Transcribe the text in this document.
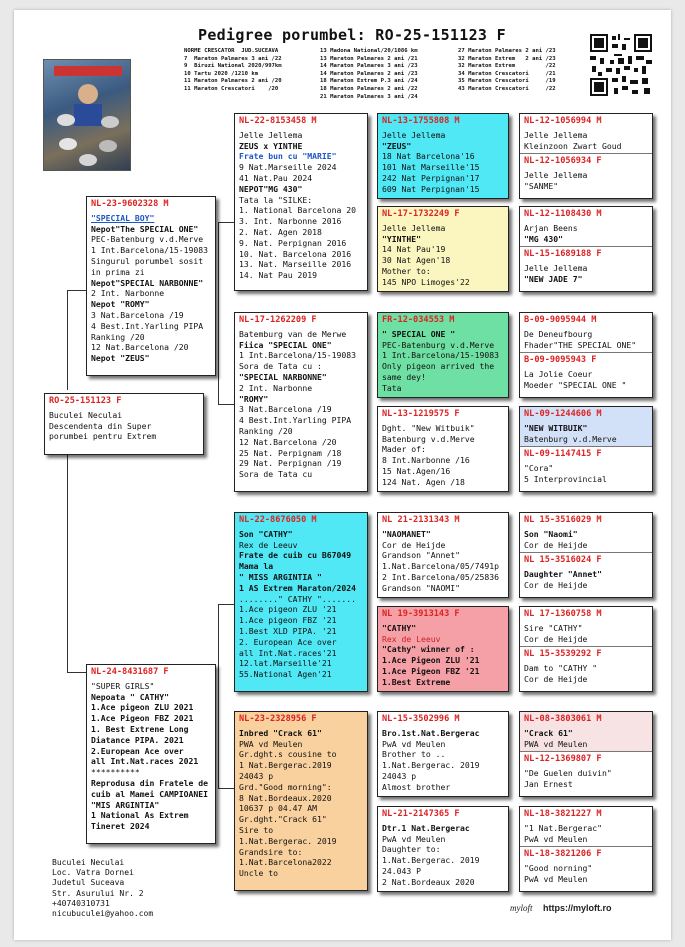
Pedigree porumbel: RO-25-151123 F
NORME CRESCATOR  JUD.SUCEAVA
7  Maraton Palmares 3 ani /22
9  Biruzi National 2020/997km
10 Tartu 2020 /1210 km
11 Maraton Palmares 2 ani /20
11 Maraton Crescatori    /20
13 Madona National/20/1086 km
13 Maraton Palmares 2 ani /21
14 Maraton Palmares 3 ani /23
14 Maraton Palmares 2 ani /23
18 Maraton Extrem P.3 ani /24
18 Maraton Palmares 2 ani /22
21 Maraton Palmares 3 ani /24
27 Maraton Palmares 2 ani /23
32 Maraton Extrem   2 ani /23
32 Maraton Extrem         /22
34 Maraton Crescatori     /21
35 Maraton Crescatori     /19
43 Maraton Crescatori     /22
RO-25-151123 F
Buculei Neculai
Descendenta din Super
porumbei pentru Extrem
NL-23-9602328 M
"SPECIAL BOY"
Nepot"The SPECIAL ONE"
PEC-Batenburg v.d.Merve
1 Int.Barcelona/15-19083
Singurul porumbel sosit
in prima zi
Nepot"SPECIAL NARBONNE"
2 Int. Narbonne
Nepot "ROMY"
3 Nat.Barcelona /19
4 Best.Int.Yarling PIPA
Ranking /20
12 Nat.Barcelona /20
Nepot "ZEUS"
NL-24-8431687 F
"SUPER GIRLS"
Nepoata " CATHY"
1.Ace pigeon ZLU 2021
1.Ace Pigeon FBZ 2021
1. Best Extrene Long
Diatance PIPA. 2021
2.European Ace over
all Int.Nat.races 2021
**********
Reprodusa din Fratele de
cuib al Mamei CAMPIOANEI
"MIS ARGINTIA"
1 National As Extrem
Tineret 2024
NL-22-8153458 M
Jelle Jellema
ZEUS x YINTHE
Frate bun cu "MARIE"
9 Nat.Marseille 2024
41 Nat.Pau 2024
NEPOT"MG 430"
Tata la "SILKE:
1. National Barcelona 20
3. Int. Narbonne 2016
2. Nat. Agen 2018
9. Nat. Perpignan 2016
10. Nat. Barcelona 2016
13. Nat. Marseille 2016
14. Nat Pau 2019
NL-17-1262209 F
Batemburg van de Merwe
Fiica "SPECIAL ONE"
1 Int.Barcelona/15-19083
Sora de Tata cu :
"SPECIAL NARBONNE"
2 Int. Narbonne
"ROMY"
3 Nat.Barcelona /19
4 Best.Int.Yarling PIPA
Ranking /20
12 Nat.Barcelona /20
25 Nat. Perpignam /18
29 Nat. Perpignan /19
Sora de Tata cu
NL-22-8676050 M
Son "CATHY"
Rex de Leeuv
Frate de cuib cu B67049
Mama la
" MISS ARGINTIA "
1 AS Extrem Maraton/2024
........" CATHY ".......
1.Ace pigeon ZLU '21
1.Ace pigeon FBZ '21
1.Best XLD PIPA. '21
2. European Ace over
all Int.Nat.races'21
12.lat.Marseille'21
55.National Agen'21
NL-23-2328956 F
Inbred "Crack 61"
PWA vd Meulen
Gr.dght.s cousine to
1 Nat.Bergerac.2019
24043 p
Grd."Good morning":
8 Nat.Bordeaux.2020
10637 p 04.47 AM
Gr.dght."Crack 61"
Sire to
1.Nat.Bergerac. 2019
Grandsire to:
1.Nat.Barcelona2022
Uncle to
NL-13-1755808 M
Jelle Jellema
"ZEUS"
18 Nat Barcelona'16
101 Nat Marseille'15
242 Nat Perpignan'17
609 Nat Perpignan'15
NL-17-1732249 F
Jelle Jellema
"YINTHE"
14 Nat Pau'19
30 Nat Agen'18
Mother to:
145 NPO Limoges'22
FR-12-034553 M
" SPECIAL ONE "
PEC-Batenburg v.d.Merve
1 Int.Barcelona/15-19083
Only pigeon arrived the
same dey!
Tata
NL-13-1219575 F
Dght. "New Witbuik"
Batenburg v.d.Merve
Mader of:
8 Int.Narbonne /16
15 Nat.Agen/16
124 Nat. Agen /18
NL 21-2131343 M
"NAOMANET"
Cor de Heijde
Grandson "Annet"
1.Nat.Barcelona/05/7491p
2 Int.Barcelona/05/25836
Grandson "NAOMI"
NL 19-3913143 F
"CATHY"
Rex de Leeuv
"Cathy" winner of :
1.Ace Pigeon ZLU '21
1.Ace Pigeon FBZ '21
1.Best Extreme
NL-15-3502996 M
Bro.1st.Nat.Bergerac
PwA vd Meulen
Brother to ..
1.Nat.Bergerac. 2019
24043 p
Almost brother
NL-21-2147365 F
Dtr.1 Nat.Bergerac
PwA vd Meulen
Daughter to:
1.Nat.Bergerac. 2019
24.043 P
2 Nat.Bordeaux 2020
NL-12-1056994 M
Jelle Jellema
Kleinzoon Zwart Goud
NL-12-1056934 F
Jelle Jellema
"SANME"
NL-12-1108430 M
Arjan Beens
"MG 430"
NL-15-1689188 F
Jelle Jellema
"NEW JADE 7"
B-09-9095944 M
De Deneufbourg
Fhader"THE SPECIAL ONE"
B-09-9095943 F
La Jolie Coeur
Moeder "SPECIAL ONE "
NL-09-1244606 M
"NEW WITBUIK"
Batenburg v.d.Merve
NL-09-1147415 F
"Cora"
5 Interprovincial
NL 15-3516029 M
Son "Naomi"
Cor de Heijde
NL 15-3516024 F
Daughter "Annet"
Cor de Heijde
NL 17-1360758 M
Sire "CATHY"
Cor de Heijde
NL 15-3539292 F
Dam to "CATHY "
Cor de Heijde
NL-08-3803061 M
"Crack 61"
PWA vd Meulen
NL-12-1369807 F
"De Guelen duivin"
Jan Ernest
NL-18-3821227 M
"1 Nat.Bergerac"
PwA vd Meulen
NL-18-3821206 F
"Good norning"
PwA vd Meulen
Buculei Neculai
Loc. Vatra Dornei
Judetul Suceava
Str. Asurului Nr. 2
+40740310731
nicubuculei@yahoo.com
myloft https://myloft.ro
